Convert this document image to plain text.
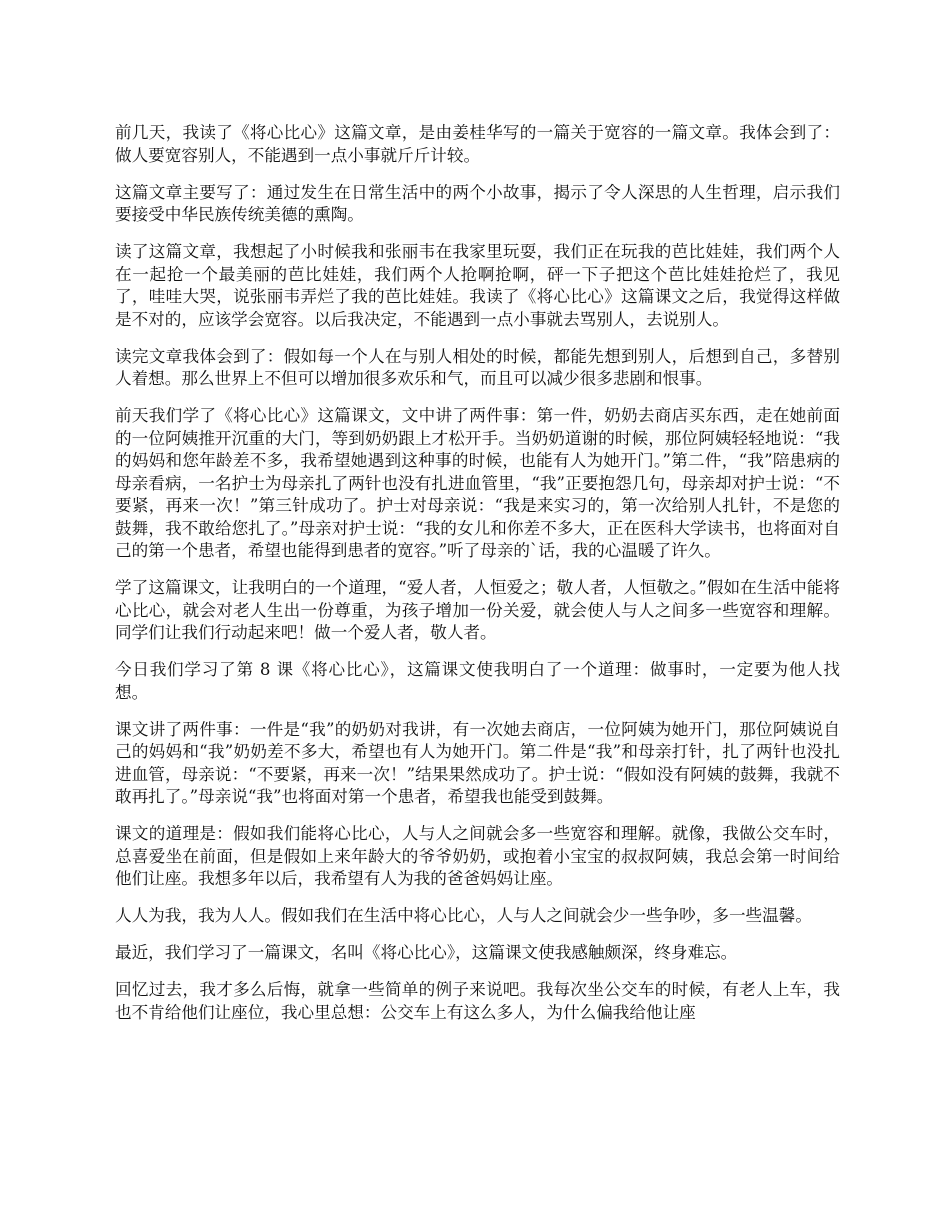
前几天，我读了《将心比心》这篇文章，是由姜桂华写的一篇关于宽容的一篇文章。我体会到了：做人要宽容别人，不能遇到一点小事就斤斤计较。

这篇文章主要写了：通过发生在日常生活中的两个小故事，揭示了令人深思的人生哲理，启示我们要接受中华民族传统美德的熏陶。

读了这篇文章，我想起了小时候我和张丽韦在我家里玩耍，我们正在玩我的芭比娃娃，我们两个人在一起抢一个最美丽的芭比娃娃，我们两个人抢啊抢啊，砰一下子把这个芭比娃娃抢烂了，我见了，哇哇大哭，说张丽韦弄烂了我的芭比娃娃。我读了《将心比心》这篇课文之后，我觉得这样做是不对的，应该学会宽容。以后我决定，不能遇到一点小事就去骂别人，去说别人。

读完文章我体会到了：假如每一个人在与别人相处的时候，都能先想到别人，后想到自己，多替别人着想。那么世界上不但可以增加很多欢乐和气，而且可以减少很多悲剧和恨事。

前天我们学了《将心比心》这篇课文，文中讲了两件事：第一件，奶奶去商店买东西，走在她前面的一位阿姨推开沉重的大门，等到奶奶跟上才松开手。当奶奶道谢的时候，那位阿姨轻轻地说：“我的妈妈和您年龄差不多，我希望她遇到这种事的时候，也能有人为她开门。”第二件，“我”陪患病的母亲看病，一名护士为母亲扎了两针也没有扎进血管里，“我”正要抱怨几句，母亲却对护士说：“不要紧，再来一次！”第三针成功了。护士对母亲说：“我是来实习的，第一次给别人扎针，不是您的鼓舞，我不敢给您扎了。”母亲对护士说：“我的女儿和你差不多大，正在医科大学读书，也将面对自己的第一个患者，希望也能得到患者的宽容。”听了母亲的`话，我的心温暖了许久。

学了这篇课文，让我明白的一个道理，“爱人者，人恒爱之；敬人者，人恒敬之。”假如在生活中能将心比心，就会对老人生出一份尊重，为孩子增加一份关爱，就会使人与人之间多一些宽容和理解。同学们让我们行动起来吧！做一个爱人者，敬人者。

今日我们学习了第 8 课《将心比心》，这篇课文使我明白了一个道理：做事时，一定要为他人找想。

课文讲了两件事：一件是“我”的奶奶对我讲，有一次她去商店，一位阿姨为她开门，那位阿姨说自己的妈妈和“我”奶奶差不多大，希望也有人为她开门。第二件是“我”和母亲打针，扎了两针也没扎进血管，母亲说：“不要紧，再来一次！”结果果然成功了。护士说：“假如没有阿姨的鼓舞，我就不敢再扎了。”母亲说“我”也将面对第一个患者，希望我也能受到鼓舞。

课文的道理是：假如我们能将心比心，人与人之间就会多一些宽容和理解。就像，我做公交车时，总喜爱坐在前面，但是假如上来年龄大的爷爷奶奶，或抱着小宝宝的叔叔阿姨，我总会第一时间给他们让座。我想多年以后，我希望有人为我的爸爸妈妈让座。

人人为我，我为人人。假如我们在生活中将心比心，人与人之间就会少一些争吵，多一些温馨。

最近，我们学习了一篇课文，名叫《将心比心》，这篇课文使我感触颇深，终身难忘。

回忆过去，我才多么后悔，就拿一些简单的例子来说吧。我每次坐公交车的时候，有老人上车，我也不肯给他们让座位，我心里总想：公交车上有这么多人，为什么偏我给他让座
